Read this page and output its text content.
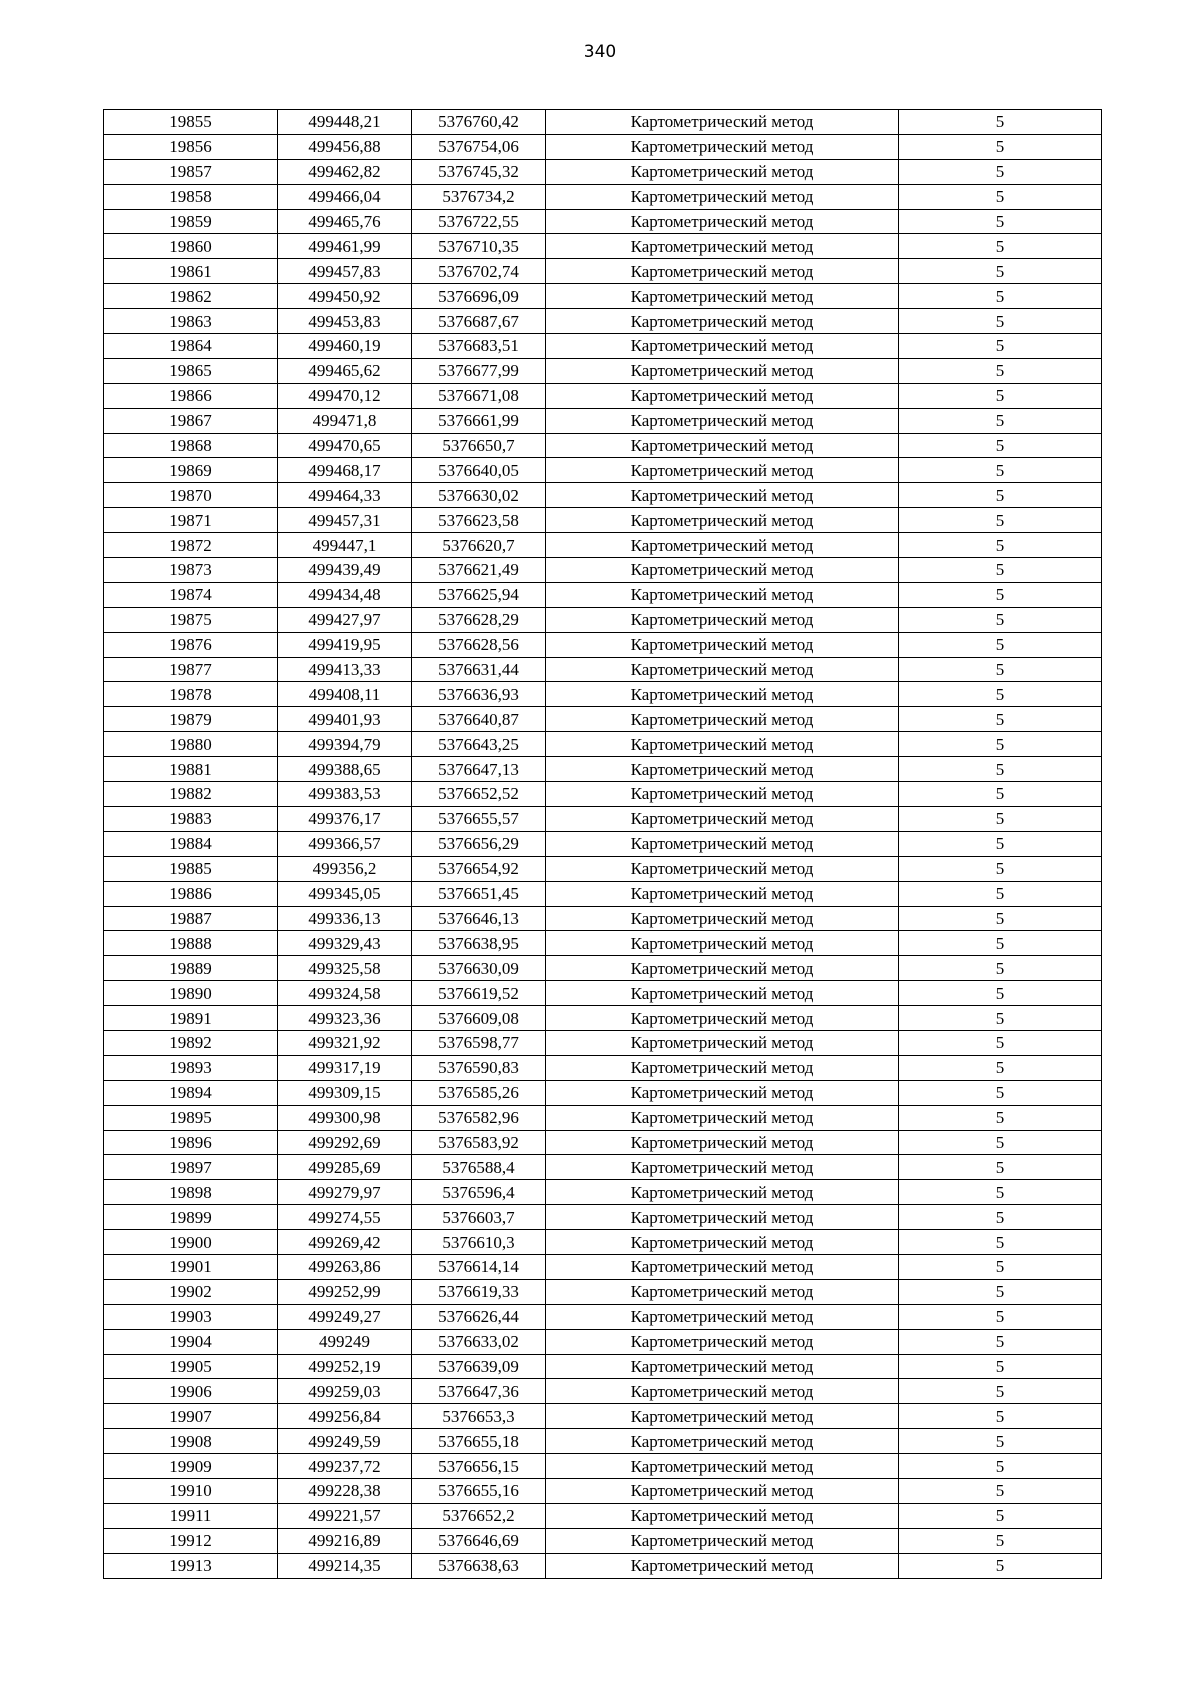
340
19855	499448,21	5376760,42	Картометрический метод	5
19856	499456,88	5376754,06	Картометрический метод	5
19857	499462,82	5376745,32	Картометрический метод	5
19858	499466,04	5376734,2	Картометрический метод	5
19859	499465,76	5376722,55	Картометрический метод	5
19860	499461,99	5376710,35	Картометрический метод	5
19861	499457,83	5376702,74	Картометрический метод	5
19862	499450,92	5376696,09	Картометрический метод	5
19863	499453,83	5376687,67	Картометрический метод	5
19864	499460,19	5376683,51	Картометрический метод	5
19865	499465,62	5376677,99	Картометрический метод	5
19866	499470,12	5376671,08	Картометрический метод	5
19867	499471,8	5376661,99	Картометрический метод	5
19868	499470,65	5376650,7	Картометрический метод	5
19869	499468,17	5376640,05	Картометрический метод	5
19870	499464,33	5376630,02	Картометрический метод	5
19871	499457,31	5376623,58	Картометрический метод	5
19872	499447,1	5376620,7	Картометрический метод	5
19873	499439,49	5376621,49	Картометрический метод	5
19874	499434,48	5376625,94	Картометрический метод	5
19875	499427,97	5376628,29	Картометрический метод	5
19876	499419,95	5376628,56	Картометрический метод	5
19877	499413,33	5376631,44	Картометрический метод	5
19878	499408,11	5376636,93	Картометрический метод	5
19879	499401,93	5376640,87	Картометрический метод	5
19880	499394,79	5376643,25	Картометрический метод	5
19881	499388,65	5376647,13	Картометрический метод	5
19882	499383,53	5376652,52	Картометрический метод	5
19883	499376,17	5376655,57	Картометрический метод	5
19884	499366,57	5376656,29	Картометрический метод	5
19885	499356,2	5376654,92	Картометрический метод	5
19886	499345,05	5376651,45	Картометрический метод	5
19887	499336,13	5376646,13	Картометрический метод	5
19888	499329,43	5376638,95	Картометрический метод	5
19889	499325,58	5376630,09	Картометрический метод	5
19890	499324,58	5376619,52	Картометрический метод	5
19891	499323,36	5376609,08	Картометрический метод	5
19892	499321,92	5376598,77	Картометрический метод	5
19893	499317,19	5376590,83	Картометрический метод	5
19894	499309,15	5376585,26	Картометрический метод	5
19895	499300,98	5376582,96	Картометрический метод	5
19896	499292,69	5376583,92	Картометрический метод	5
19897	499285,69	5376588,4	Картометрический метод	5
19898	499279,97	5376596,4	Картометрический метод	5
19899	499274,55	5376603,7	Картометрический метод	5
19900	499269,42	5376610,3	Картометрический метод	5
19901	499263,86	5376614,14	Картометрический метод	5
19902	499252,99	5376619,33	Картометрический метод	5
19903	499249,27	5376626,44	Картометрический метод	5
19904	499249	5376633,02	Картометрический метод	5
19905	499252,19	5376639,09	Картометрический метод	5
19906	499259,03	5376647,36	Картометрический метод	5
19907	499256,84	5376653,3	Картометрический метод	5
19908	499249,59	5376655,18	Картометрический метод	5
19909	499237,72	5376656,15	Картометрический метод	5
19910	499228,38	5376655,16	Картометрический метод	5
19911	499221,57	5376652,2	Картометрический метод	5
19912	499216,89	5376646,69	Картометрический метод	5
19913	499214,35	5376638,63	Картометрический метод	5
